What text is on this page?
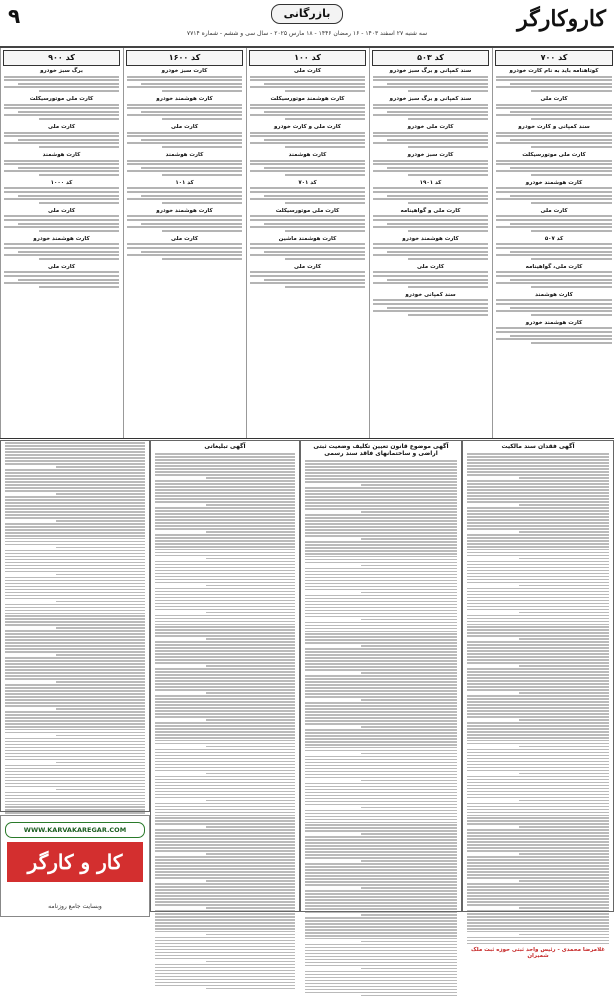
کاروکارگر
بازرگانی
۹
سه شنبه ۲۷ اسفند ۱۴۰۳ - ۱۶ رمضان ۱۴۴۶ - ۱۸ مارس ۲۰۲۵ - سال سی و ششم - شماره ۷۷۱۴
کد ۷۰۰
کوتاهنامه باید به نام کارت خودرو
کارت ملی
سند کمپانی و کارت خودرو
کارت ملی موتورسیکلت
کارت هوشمند خودرو
کارت ملی
کد ۵۰۷
کارت ملی، گواهینامه
کارت هوشمند
کارت هوشمند خودرو
کد ۵۰۳
سند کمپانی و برگ سبز خودرو
سند کمپانی و برگ سبز خودرو
کارت ملی خودرو
کارت سبز خودرو
کد ۱۹۰۱
کارت ملی و گواهینامه
کارت هوشمند خودرو
کارت ملی
سند کمپانی خودرو
کد ۱۰۰
کارت ملی
کارت هوشمند موتورسیکلت
کارت ملی و کارت خودرو
کارت هوشمند
کد ۷۰۱
کارت ملی موتورسیکلت
کارت هوشمند ماشین
کارت ملی
کد ۱۶۰۰
کارت سبز خودرو
کارت هوشمند خودرو
کارت ملی
کارت هوشمند
کد ۱۰۱
کارت هوشمند خودرو
کارت ملی
کد ۹۰۰
برگ سبز خودرو
کارت ملی موتورسیکلت
کارت ملی
کارت هوشمند
کد ۱۰۰۰
کارت ملی
کارت هوشمند خودرو
کارت ملی
آگهی تبلیغاتی	آگهی موضوع قانون تعیین تکلیف وضعیت ثبتی اراضی و ساختمانهای فاقد سند رسمی
آگهی فقدان سند مالکیت
غلامرضا محمدی - رئیس واحد ثبتی حوزه ثبت ملک شمیران
WWW.KARVAKAREGAR.COM
کار و کارگر
وبسایت جامع روزنامه
